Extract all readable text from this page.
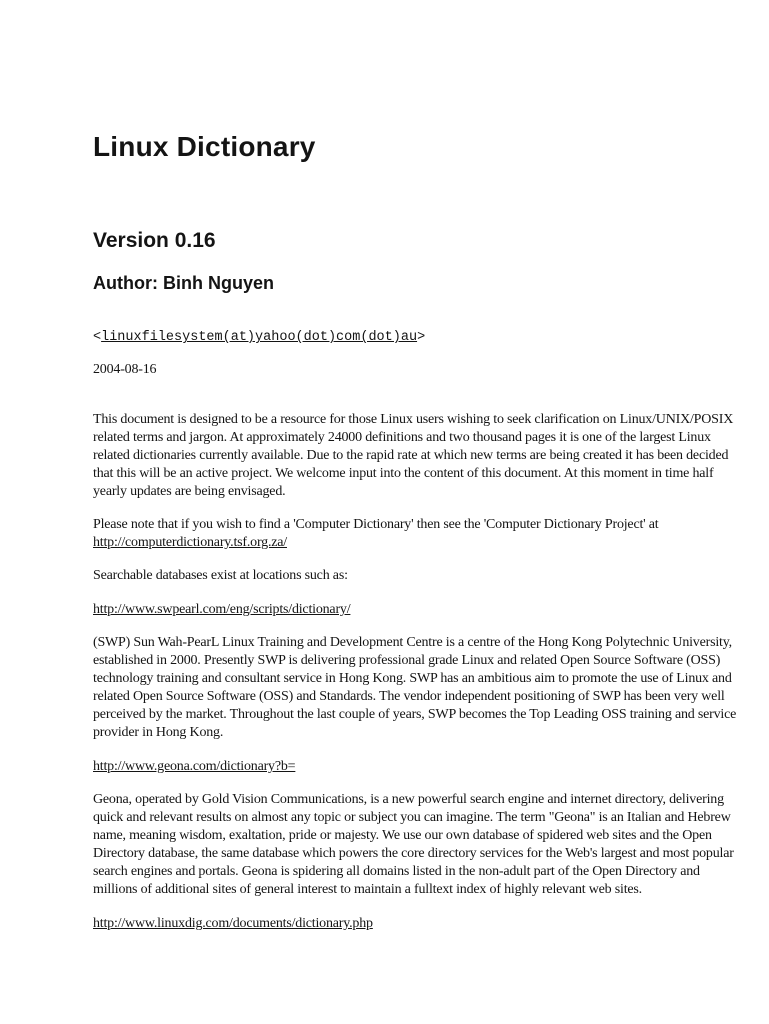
Linux Dictionary
Version 0.16
Author: Binh Nguyen
<linuxfilesystem(at)yahoo(dot)com(dot)au>
2004-08-16

This document is designed to be a resource for those Linux users wishing to seek clarification on Linux/UNIX/POSIX related terms and jargon. At approximately 24000 definitions and two thousand pages it is one of the largest Linux related dictionaries currently available. Due to the rapid rate at which new terms are being created it has been decided that this will be an active project. We welcome input into the content of this document. At this moment in time half yearly updates are being envisaged.

Please note that if you wish to find a 'Computer Dictionary' then see the 'Computer Dictionary Project' at
http://computerdictionary.tsf.org.za/

Searchable databases exist at locations such as:

http://www.swpearl.com/eng/scripts/dictionary/

(SWP) Sun Wah-PearL Linux Training and Development Centre is a centre of the Hong Kong Polytechnic University, established in 2000. Presently SWP is delivering professional grade Linux and related Open Source Software (OSS) technology training and consultant service in Hong Kong. SWP has an ambitious aim to promote the use of Linux and related Open Source Software (OSS) and Standards. The vendor independent positioning of SWP has been very well perceived by the market. Throughout the last couple of years, SWP becomes the Top Leading OSS training and service provider in Hong Kong.

http://www.geona.com/dictionary?b=

Geona, operated by Gold Vision Communications, is a new powerful search engine and internet directory, delivering quick and relevant results on almost any topic or subject you can imagine. The term "Geona" is an Italian and Hebrew name, meaning wisdom, exaltation, pride or majesty. We use our own database of spidered web sites and the Open Directory database, the same database which powers the core directory services for the Web's largest and most popular search engines and portals. Geona is spidering all domains listed in the non-adult part of the Open Directory and millions of additional sites of general interest to maintain a fulltext index of highly relevant web sites.

http://www.linuxdig.com/documents/dictionary.php
